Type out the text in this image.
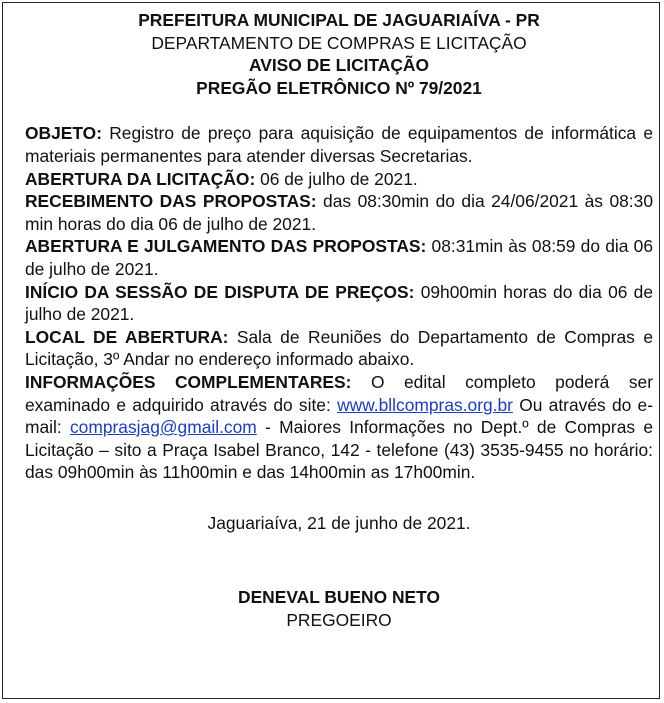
PREFEITURA MUNICIPAL DE JAGUARIAÍVA - PR

DEPARTAMENTO DE COMPRAS E LICITAÇÃO

AVISO DE LICITAÇÃO

PREGÃO ELETRÔNICO Nº 79/2021

OBJETO: Registro de preço para aquisição de equipamentos de informática e materiais permanentes para atender diversas Secretarias.

ABERTURA DA LICITAÇÃO: 06 de julho de 2021.

RECEBIMENTO DAS PROPOSTAS: das 08:30min do dia 24/06/2021 às 08:30 min horas do dia 06 de julho de 2021.

ABERTURA E JULGAMENTO DAS PROPOSTAS: 08:31min às 08:59 do dia 06 de julho de 2021.

INÍCIO DA SESSÃO DE DISPUTA DE PREÇOS: 09h00min horas do dia 06 de julho de 2021.

LOCAL DE ABERTURA: Sala de Reuniões do Departamento de Compras e Licitação, 3º Andar no endereço informado abaixo.

INFORMAÇÕES COMPLEMENTARES: O edital completo poderá ser examinado e adquirido através do site: www.bllcompras.org.br Ou através do e-mail: comprasjag@gmail.com - Maiores Informações no Dept.º de Compras e Licitação – sito a Praça Isabel Branco, 142 - telefone (43) 3535-9455 no horário: das 09h00min às 11h00min e das 14h00min as 17h00min.

Jaguariaíva, 21 de junho de 2021.

DENEVAL BUENO NETO

PREGOEIRO
